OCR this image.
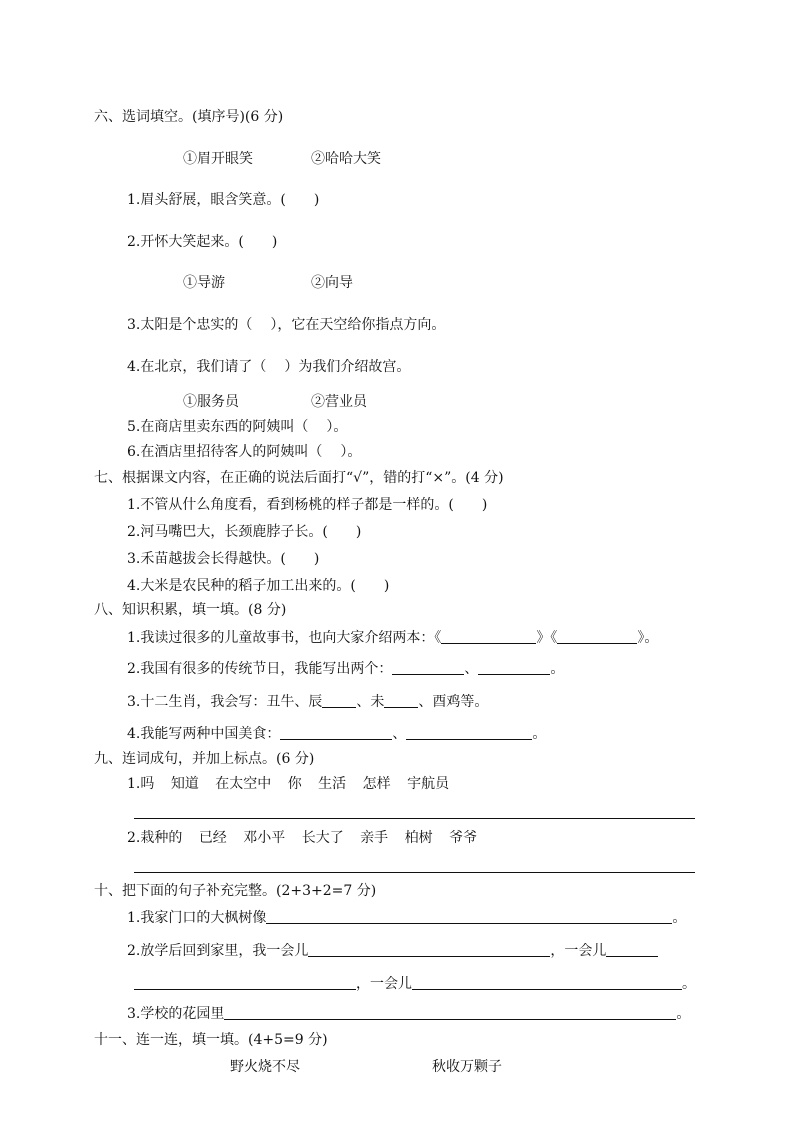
六、选词填空。(填序号)(6 分)
①眉开眼笑	②哈哈大笑
1.眉头舒展，眼含笑意。( )
2.开怀大笑起来。( )
①导游	②向导
3.太阳是个忠实的（ ），它在天空给你指点方向。
4.在北京，我们请了（ ）为我们介绍故宫。
①服务员	②营业员
5.在商店里卖东西的阿姨叫（ ）。
6.在酒店里招待客人的阿姨叫（ ）。
七、根据课文内容，在正确的说法后面打“√”，错的打“×”。(4 分)
1.不管从什么角度看，看到杨桃的样子都是一样的。( )
2.河马嘴巴大，长颈鹿脖子长。( )
3.禾苗越拔会长得越快。( )
4.大米是农民种的稻子加工出来的。( )
八、知识积累，填一填。(8 分)
1.我读过很多的儿童故事书，也向大家介绍两本：《	》《	》。
2.我国有很多的传统节日，我能写出两个：	、	。
3.十二生肖，我会写：丑牛、辰 、未 、酉鸡等。
4.我能写两种中国美食：	、	。
九、连词成句，并加上标点。(6 分)
1.吗 知道 在太空中 你 生活 怎样 宇航员
2.栽种的 已经 邓小平 长大了 亲手 柏树 爷爷
十、把下面的句子补充完整。(2+3+2=7 分)
1.我家门口的大枫树像	。
2.放学后回到家里，我一会儿	，一会儿
，一会儿	。
3.学校的花园里	。
十一、连一连，填一填。(4+5=9 分)
野火烧不尽	秋收万颗子
